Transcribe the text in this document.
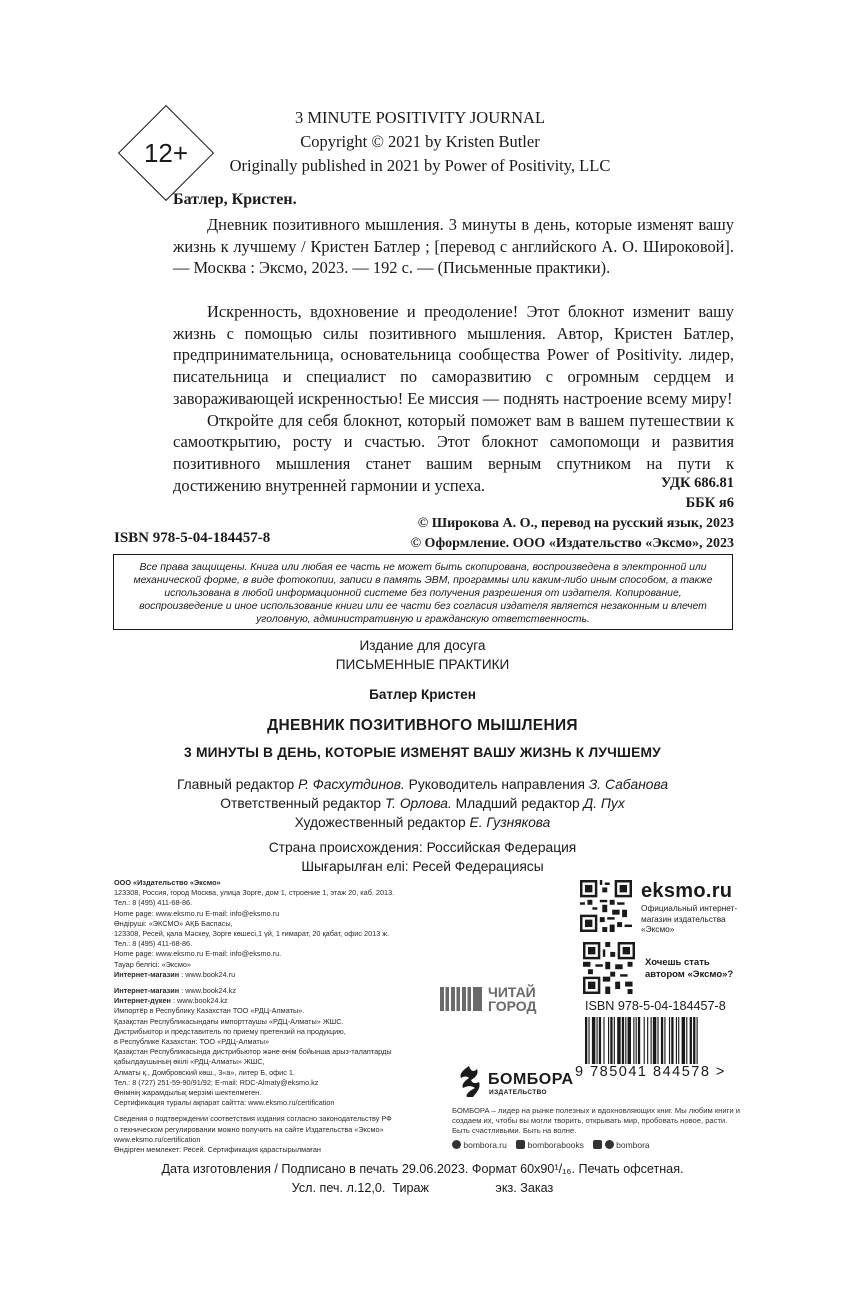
12+
3 MINUTE POSITIVITY JOURNAL
Copyright © 2021 by Kristen Butler
Originally published in 2021 by Power of Positivity, LLC
Батлер, Кристен.

Дневник позитивного мышления. 3 минуты в день, которые изменят вашу жизнь к лучшему / Кристен Батлер ; [перевод с английского А. О. Широковой]. — Москва : Эксмо, 2023. — 192 с. — (Письменные практики).

Искренность, вдохновение и преодоление! Этот блокнот изменит вашу жизнь с помощью силы позитивного мышления. Автор, Кристен Батлер, предпринимательница, основательница сообщества Power of Positivity. лидер, писательница и специалист по саморазвитию с огромным сердцем и завораживающей искренностью! Ее миссия — поднять настроение всему миру!

Откройте для себя блокнот, который поможет вам в вашем путешествии к самооткрытию, росту и счастью. Этот блокнот самопомощи и развития позитивного мышления станет вашим верным спутником на пути к достижению внутренней гармонии и успеха.	УДК 686.81
ББК я6
ISBN 978-5-04-184457-8
© Широкова А. О., перевод на русский язык, 2023
© Оформление. ООО «Издательство «Эксмо», 2023
Все права защищены. Книга или любая ее часть не может быть скопирована, воспроизведена в электронной или механической форме, в виде фотокопии, записи в память ЭВМ, программы или каким-либо иным способом, а также использована в любой информационной системе без получения разрешения от издателя. Копирование, воспроизведение и иное использование книги или ее части без согласия издателя является незаконным и влечет уголовную, административную и гражданскую ответственность.
Издание для досуга
ПИСЬМЕННЫЕ ПРАКТИКИ
Батлер Кристен
ДНЕВНИК ПОЗИТИВНОГО МЫШЛЕНИЯ
3 МИНУТЫ В ДЕНЬ, КОТОРЫЕ ИЗМЕНЯТ ВАШУ ЖИЗНЬ К ЛУЧШЕМУ
Главный редактор Р. Фасхутдинов. Руководитель направления З. Сабанова
Ответственный редактор Т. Орлова. Младший редактор Д. Пух
Художественный редактор Е. Гузнякова
Страна происхождения: Российская Федерация
Шығарылған елі: Ресей Федерациясы
ООО «Издательство «Эксмо»
123308, Россия, город Москва, улица Зорге, дом 1, строение 1, этаж 20, каб. 2013.
Тел.: 8 (495) 411-68-86.
Home page: www.eksmo.ru E-mail: info@eksmo.ru
Өндіруші: «ЭКСМО» АҚБ Баспасы,
123308, Ресей, қала Мәскеу, Зорге көшесі,1 үй, 1 ғимарат, 20 қабат, офис 2013 ж.
Тел.: 8 (495) 411-68-86.
Home page: www.eksmo.ru E-mail: info@eksmo.ru.
Тауар белгісі: «Эксмо»
Интернет-магазин : www.book24.ru
Интернет-магазин : www.book24.kz
Интернет-дүкен : www.book24.kz
Импортёр в Республику Казахстан ТОО «РДЦ-Алматы».
Қазақстан Республикасындағы импорттаушы «РДЦ-Алматы» ЖШС.
Дистрибьютор и представитель по приему претензий на продукцию,
в Республике Казахстан: ТОО «РДЦ-Алматы»
Қазақстан Республикасында дистрибьютор және өнім бойынша арыз-талаптарды
қабылдаушының өкілі «РДЦ-Алматы» ЖШС,
Алматы қ., Домбровский көш., 3«а», литер Б, офис 1.
Тел.: 8 (727) 251-59-90/91/92; E-mail: RDC-Almaty@eksmo.kz
Өнімнің жарамдылық мерзімі шектелмеген.
Сертификация туралы ақпарат сайтта: www.eksmo.ru/certification
Сведения о подтверждении соответствия издания согласно законодательству РФ
о техническом регулировании можно получить на сайте Издательства «Эксмо»
www.eksmo.ru/certification
Өндірген мемлекет: Ресей. Сертификация қарастырылмаған
eksmo.ru
Официальный интернет-магазин издательства «Эксмо»
Хочешь стать автором «Эксмо»?
ЧИТАЙ ГОРОД	ISBN 978-5-04-184457-8
9 785041 844578 >
БОМБОРА
ИЗДАТЕЛЬСТВО
БОМБОРА – лидер на рынке полезных и вдохновляющих книг. Мы любим книги и создаем их, чтобы вы могли творить, открывать мир, пробовать новое, расти. Быть счастливыми. Быть на волне.
bombora.ru bomborabooks	bombora
Дата изготовления / Подписано в печать 29.06.2023. Формат 60х90¹/₁₆. Печать офсетная.
Усл. печ. л.12,0.  Тираж                   экз. Заказ
